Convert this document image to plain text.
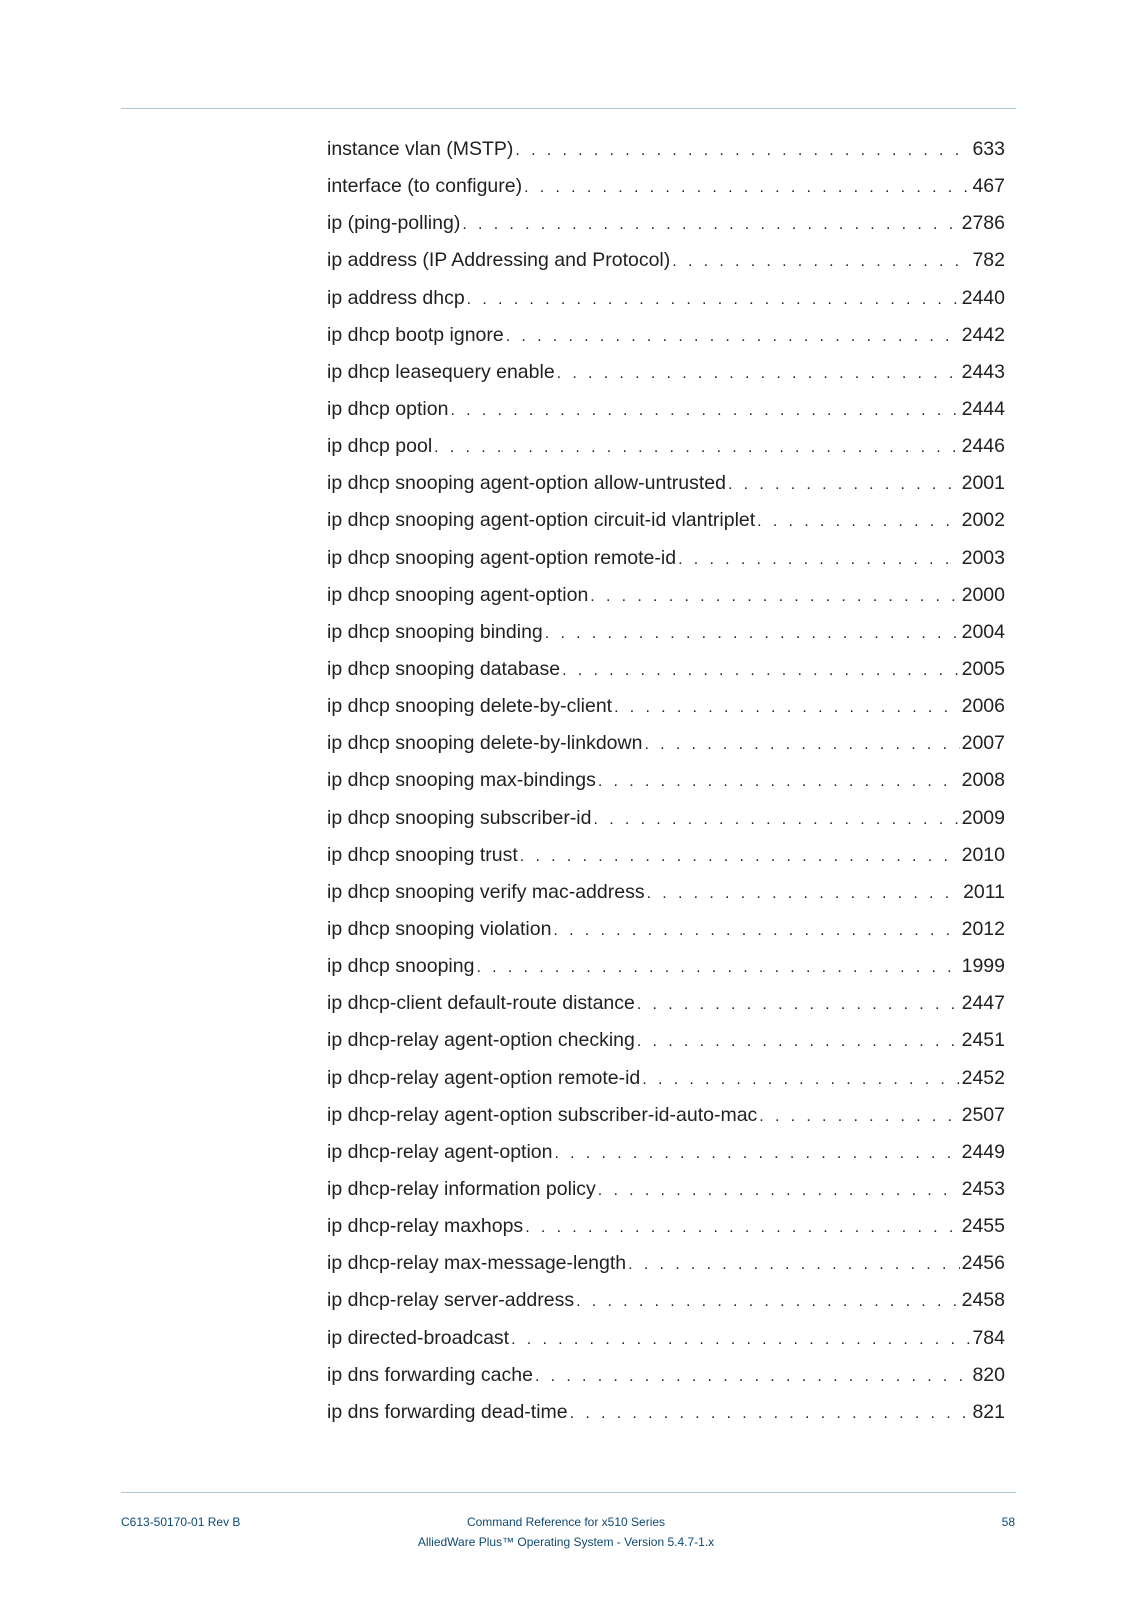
instance vlan (MSTP) . . .	633
interface (to configure) . . .	467
ip (ping-polling) . . .	2786
ip address (IP Addressing and Protocol) . . .	782
ip address dhcp . . .	2440
ip dhcp bootp ignore . . .	2442
ip dhcp leasequery enable . . .	2443
ip dhcp option . . .	2444
ip dhcp pool . . .	2446
ip dhcp snooping agent-option allow-untrusted . . .	2001
ip dhcp snooping agent-option circuit-id vlantriplet . . .	2002
ip dhcp snooping agent-option remote-id . . .	2003
ip dhcp snooping agent-option . . .	2000
ip dhcp snooping binding . . .	2004
ip dhcp snooping database . . .	2005
ip dhcp snooping delete-by-client . . .	2006
ip dhcp snooping delete-by-linkdown . . .	2007
ip dhcp snooping max-bindings . . .	2008
ip dhcp snooping subscriber-id . . .	2009
ip dhcp snooping trust . . .	2010
ip dhcp snooping verify mac-address . . .	2011
ip dhcp snooping violation . . .	2012
ip dhcp snooping . . .	1999
ip dhcp-client default-route distance . . .	2447
ip dhcp-relay agent-option checking . . .	2451
ip dhcp-relay agent-option remote-id . . .	2452
ip dhcp-relay agent-option subscriber-id-auto-mac . . .	2507
ip dhcp-relay agent-option . . .	2449
ip dhcp-relay information policy . . .	2453
ip dhcp-relay maxhops . . .	2455
ip dhcp-relay max-message-length . . .	2456
ip dhcp-relay server-address . . .	2458
ip directed-broadcast . . .	784
ip dns forwarding cache . . .	820
ip dns forwarding dead-time . . .	821
C613-50170-01 Rev B	Command Reference for x510 Series
AlliedWare Plus™ Operating System - Version 5.4.7-1.x
58
